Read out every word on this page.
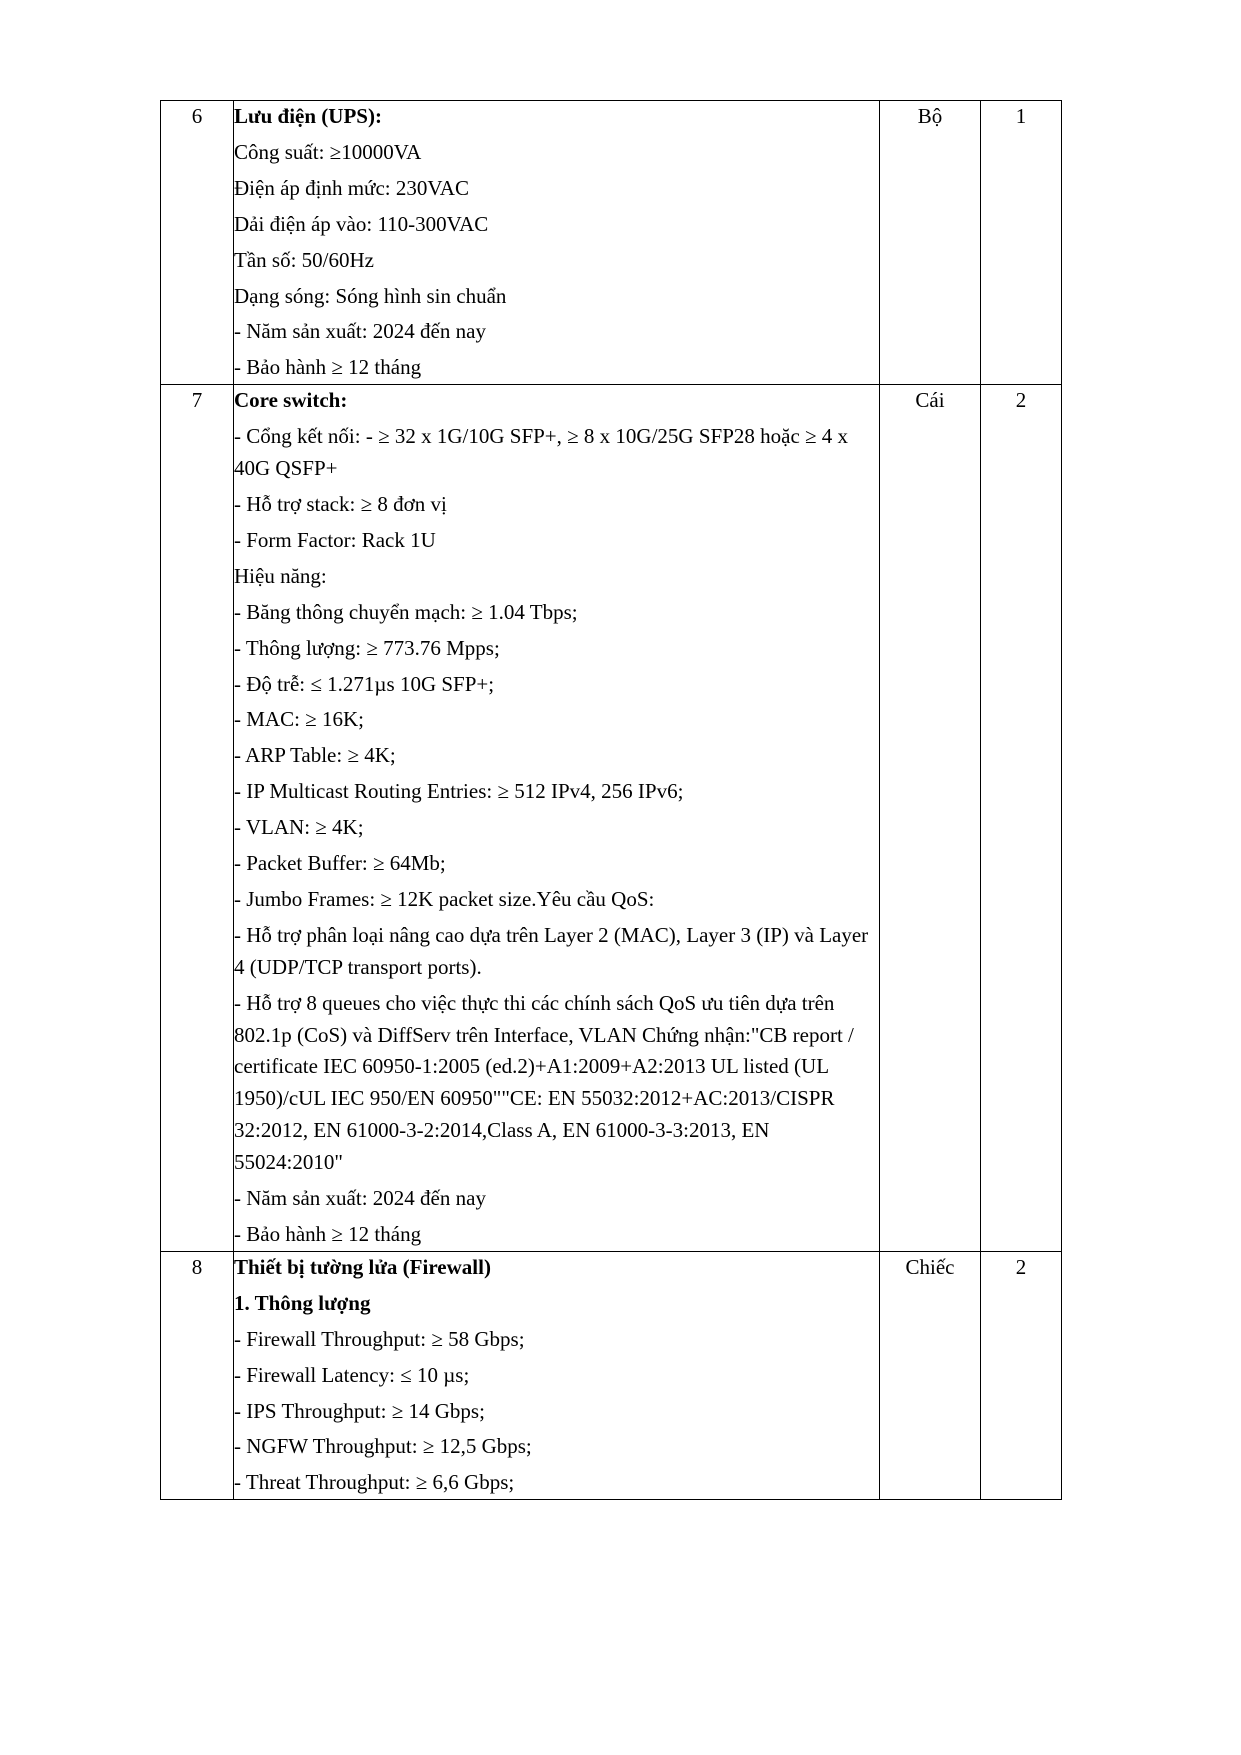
6	Lưu điện (UPS):
Công suất: ≥10000VA
Điện áp định mức: 230VAC
Dải điện áp vào: 110-300VAC
Tần số: 50/60Hz
Dạng sóng: Sóng hình sin chuẩn
- Năm sản xuất: 2024 đến nay
- Bảo hành ≥ 12 tháng
	Bộ	1
7	Core switch:
- Cổng kết nối: - ≥ 32 x 1G/10G SFP+, ≥ 8 x 10G/25G SFP28 hoặc ≥ 4 x 40G QSFP+
- Hỗ trợ stack: ≥ 8 đơn vị
- Form Factor: Rack 1U
Hiệu năng:
- Băng thông chuyển mạch: ≥ 1.04 Tbps;
- Thông lượng: ≥ 773.76 Mpps;
- Độ trễ: ≤ 1.271µs 10G SFP+;
- MAC: ≥ 16K;
- ARP Table: ≥ 4K;
- IP Multicast Routing Entries: ≥ 512 IPv4, 256 IPv6;
- VLAN: ≥ 4K;
- Packet Buffer: ≥ 64Mb;
- Jumbo Frames: ≥ 12K packet size.Yêu cầu QoS:
- Hỗ trợ phân loại nâng cao dựa trên Layer 2 (MAC), Layer 3 (IP) và Layer 4 (UDP/TCP transport ports).
- Hỗ trợ 8 queues cho việc thực thi các chính sách QoS ưu tiên dựa trên 802.1p (CoS) và DiffServ trên Interface, VLAN Chứng nhận:"CB report / certificate IEC 60950-1:2005 (ed.2)+A1:2009+A2:2013 UL listed (UL 1950)/cUL IEC 950/EN 60950""CE: EN 55032:2012+AC:2013/CISPR 32:2012, EN 61000-3-2:2014,Class A, EN 61000-3-3:2013, EN 55024:2010"
- Năm sản xuất: 2024 đến nay
- Bảo hành ≥ 12 tháng
	Cái	2
8	Thiết bị tường lửa (Firewall)
1. Thông lượng
- Firewall Throughput: ≥ 58 Gbps;
- Firewall Latency: ≤ 10 µs;
- IPS Throughput: ≥ 14 Gbps;
- NGFW Throughput: ≥ 12,5 Gbps;
- Threat Throughput: ≥ 6,6 Gbps;
	Chiếc	2
